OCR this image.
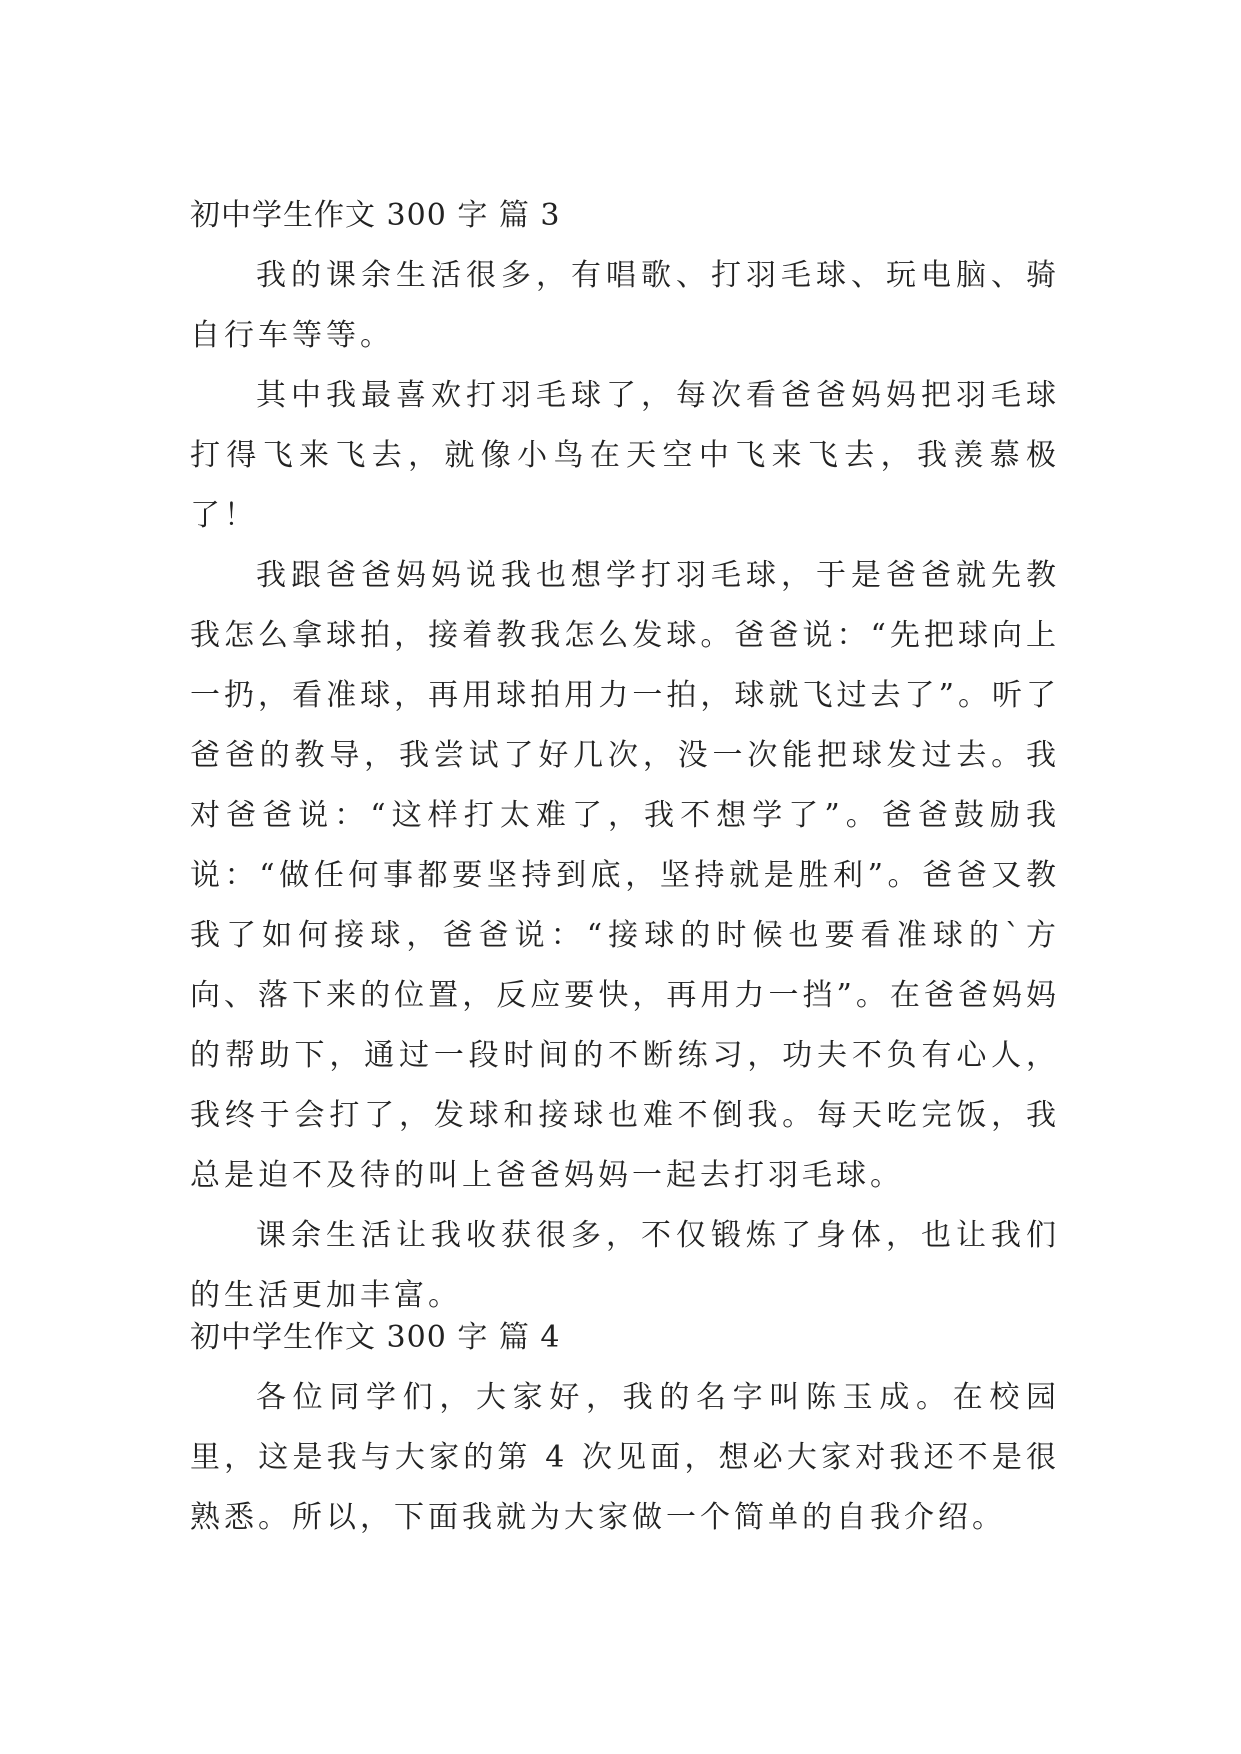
初中学生作文 300 字 篇 3

我的课余生活很多，有唱歌、打羽毛球、玩电脑、骑自行车等等。

其中我最喜欢打羽毛球了，每次看爸爸妈妈把羽毛球打得飞来飞去，就像小鸟在天空中飞来飞去，我羡慕极了！

我跟爸爸妈妈说我也想学打羽毛球，于是爸爸就先教我怎么拿球拍，接着教我怎么发球。爸爸说：“先把球向上一扔，看准球，再用球拍用力一拍，球就飞过去了”。听了爸爸的教导，我尝试了好几次，没一次能把球发过去。我对爸爸说：“这样打太难了，我不想学了”。爸爸鼓励我说：“做任何事都要坚持到底，坚持就是胜利”。爸爸又教我了如何接球，爸爸说：“接球的时候也要看准球的`方向、落下来的位置，反应要快，再用力一挡”。在爸爸妈妈的帮助下，通过一段时间的不断练习，功夫不负有心人，我终于会打了，发球和接球也难不倒我。每天吃完饭，我总是迫不及待的叫上爸爸妈妈一起去打羽毛球。

课余生活让我收获很多，不仅锻炼了身体，也让我们的生活更加丰富。

初中学生作文 300 字 篇 4

各位同学们，大家好，我的名字叫陈玉成。在校园里，这是我与大家的第 4 次见面，想必大家对我还不是很熟悉。所以，下面我就为大家做一个简单的自我介绍。
